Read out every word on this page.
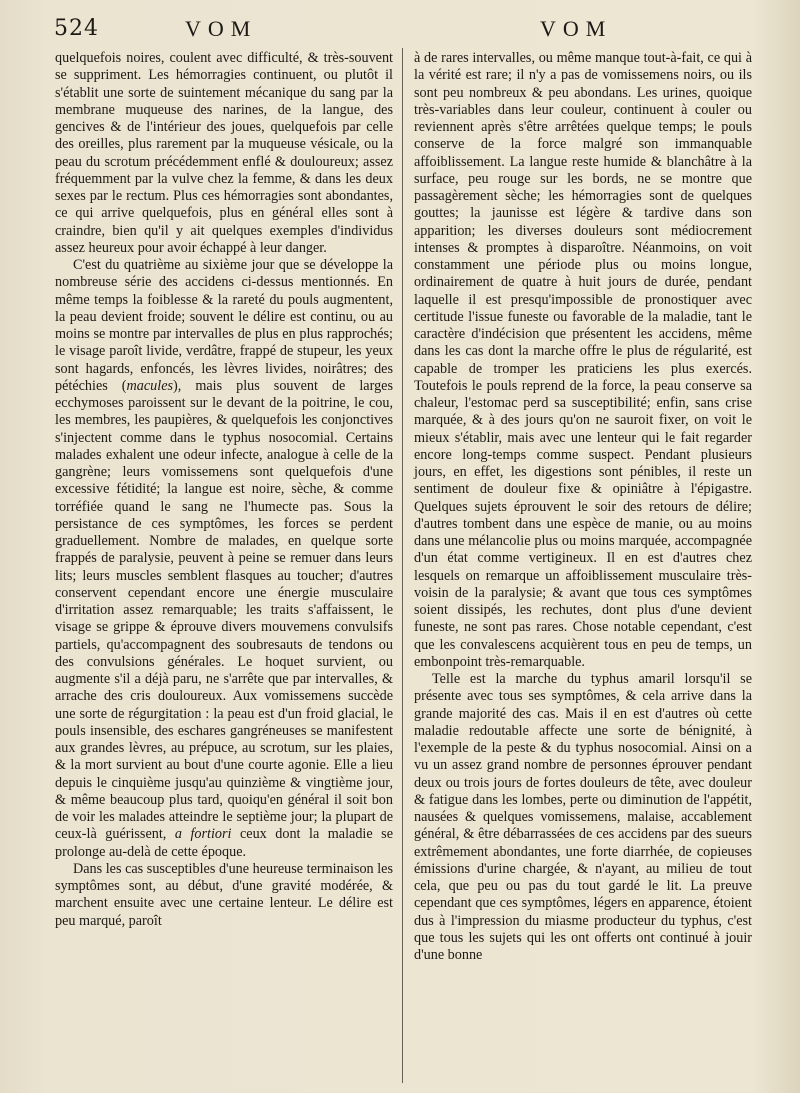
524	VOM	VOM

quelquefois noires, coulent avec difficulté, & très-souvent se suppriment. Les hémorragies continuent, ou plutôt il s'établit une sorte de suintement mécanique du sang par la membrane muqueuse des narines, de la langue, des gencives & de l'intérieur des joues, quelquefois par celle des oreilles, plus rarement par la muqueuse vésicale, ou la peau du scrotum précédemment enflé & douloureux; assez fréquemment par la vulve chez la femme, & dans les deux sexes par le rectum. Plus ces hémorragies sont abondantes, ce qui arrive quelquefois, plus en général elles sont à craindre, bien qu'il y ait quelques exemples d'individus assez heureux pour avoir échappé à leur danger.

C'est du quatrième au sixième jour que se développe la nombreuse série des accidens ci-dessus mentionnés. En même temps la foiblesse & la rareté du pouls augmentent, la peau devient froide; souvent le délire est continu, ou au moins se montre par intervalles de plus en plus rapprochés; le visage paroît livide, verdâtre, frappé de stupeur, les yeux sont hagards, enfoncés, les lèvres livides, noirâtres; des pétéchies (macules), mais plus souvent de larges ecchymoses paroissent sur le devant de la poitrine, le cou, les membres, les paupières, & quelquefois les conjonctives s'injectent comme dans le typhus nosocomial. Certains malades exhalent une odeur infecte, analogue à celle de la gangrène; leurs vomissemens sont quelquefois d'une excessive fétidité; la langue est noire, sèche, & comme torréfiée quand le sang ne l'humecte pas. Sous la persistance de ces symptômes, les forces se perdent graduellement. Nombre de malades, en quelque sorte frappés de paralysie, peuvent à peine se remuer dans leurs lits; leurs muscles semblent flasques au toucher; d'autres conservent cependant encore une énergie musculaire d'irritation assez remarquable; les traits s'affaissent, le visage se grippe & éprouve divers mouvemens convulsifs partiels, qu'accompagnent des soubresauts de tendons ou des convulsions générales. Le hoquet survient, ou augmente s'il a déjà paru, ne s'arrête que par intervalles, & arrache des cris douloureux. Aux vomissemens succède une sorte de régurgitation : la peau est d'un froid glacial, le pouls insensible, des eschares gangréneuses se manifestent aux grandes lèvres, au prépuce, au scrotum, sur les plaies, & la mort survient au bout d'une courte agonie. Elle a lieu depuis le cinquième jusqu'au quinzième & vingtième jour, & même beaucoup plus tard, quoiqu'en général il soit bon de voir les malades atteindre le septième jour; la plupart de ceux-là guérissent, a fortiori ceux dont la maladie se prolonge au-delà de cette époque.

Dans les cas susceptibles d'une heureuse terminaison les symptômes sont, au début, d'une gravité modérée, & marchent ensuite avec une certaine lenteur. Le délire est peu marqué, paroît

à de rares intervalles, ou même manque tout-à-fait, ce qui à la vérité est rare; il n'y a pas de vomissemens noirs, ou ils sont peu nombreux & peu abondans. Les urines, quoique très-variables dans leur couleur, continuent à couler ou reviennent après s'être arrêtées quelque temps; le pouls conserve de la force malgré son immanquable affoiblissement. La langue reste humide & blanchâtre à la surface, peu rouge sur les bords, ne se montre que passagèrement sèche; les hémorragies sont de quelques gouttes; la jaunisse est légère & tardive dans son apparition; les diverses douleurs sont médiocrement intenses & promptes à disparoître. Néanmoins, on voit constamment une période plus ou moins longue, ordinairement de quatre à huit jours de durée, pendant laquelle il est presqu'impossible de pronostiquer avec certitude l'issue funeste ou favorable de la maladie, tant le caractère d'indécision que présentent les accidens, même dans les cas dont la marche offre le plus de régularité, est capable de tromper les praticiens les plus exercés. Toutefois le pouls reprend de la force, la peau conserve sa chaleur, l'estomac perd sa susceptibilité; enfin, sans crise marquée, & à des jours qu'on ne sauroit fixer, on voit le mieux s'établir, mais avec une lenteur qui le fait regarder encore long-temps comme suspect. Pendant plusieurs jours, en effet, les digestions sont pénibles, il reste un sentiment de douleur fixe & opiniâtre à l'épigastre. Quelques sujets éprouvent le soir des retours de délire; d'autres tombent dans une espèce de manie, ou au moins dans une mélancolie plus ou moins marquée, accompagnée d'un état comme vertigineux. Il en est d'autres chez lesquels on remarque un affoiblissement musculaire très-voisin de la paralysie; & avant que tous ces symptômes soient dissipés, les rechutes, dont plus d'une devient funeste, ne sont pas rares. Chose notable cependant, c'est que les convalescens acquièrent tous en peu de temps, un embonpoint très-remarquable.

Telle est la marche du typhus amaril lorsqu'il se présente avec tous ses symptômes, & cela arrive dans la grande majorité des cas. Mais il en est d'autres où cette maladie redoutable affecte une sorte de bénignité, à l'exemple de la peste & du typhus nosocomial. Ainsi on a vu un assez grand nombre de personnes éprouver pendant deux ou trois jours de fortes douleurs de tête, avec douleur & fatigue dans les lombes, perte ou diminution de l'appétit, nausées & quelques vomissemens, malaise, accablement général, & être débarrassées de ces accidens par des sueurs extrêmement abondantes, une forte diarrhée, de copieuses émissions d'urine chargée, & n'ayant, au milieu de tout cela, que peu ou pas du tout gardé le lit. La preuve cependant que ces symptômes, légers en apparence, étoient dus à l'impression du miasme producteur du typhus, c'est que tous les sujets qui les ont offerts ont continué à jouir d'une bonne
